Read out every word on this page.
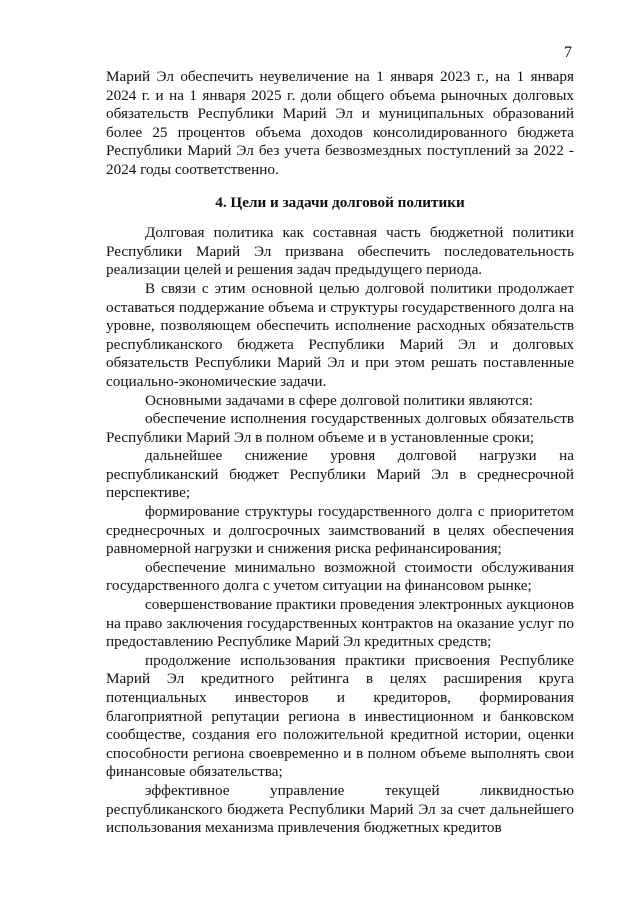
7

Марий Эл обеспечить неувеличение на 1 января 2023 г., на 1 января 2024 г. и на 1 января 2025 г. доли общего объема рыночных долговых обязательств Республики Марий Эл и муниципальных образований более 25 процентов объема доходов консолидированного бюджета Республики Марий Эл без учета безвозмездных поступлений за 2022 - 2024 годы соответственно.

4. Цели и задачи долговой политики

Долговая политика как составная часть бюджетной политики Республики Марий Эл призвана обеспечить последовательность реализации целей и решения задач предыдущего периода.

В связи с этим основной целью долговой политики продолжает оставаться поддержание объема и структуры государственного долга на уровне, позволяющем обеспечить исполнение расходных обязательств республиканского бюджета Республики Марий Эл и долговых обязательств Республики Марий Эл и при этом решать поставленные социально-экономические задачи.

Основными задачами в сфере долговой политики являются:

обеспечение исполнения государственных долговых обязательств Республики Марий Эл в полном объеме и в установленные сроки;

дальнейшее снижение уровня долговой нагрузки на республиканский бюджет Республики Марий Эл в среднесрочной перспективе;

формирование структуры государственного долга с приоритетом среднесрочных и долгосрочных заимствований в целях обеспечения равномерной нагрузки и снижения риска рефинансирования;

обеспечение минимально возможной стоимости обслуживания государственного долга с учетом ситуации на финансовом рынке;

совершенствование практики проведения электронных аукционов на право заключения государственных контрактов на оказание услуг по предоставлению Республике Марий Эл кредитных средств;

продолжение использования практики присвоения Республике Марий Эл кредитного рейтинга в целях расширения круга потенциальных инвесторов и кредиторов, формирования благоприятной репутации региона в инвестиционном и банковском сообществе, создания его положительной кредитной истории, оценки способности региона своевременно и в полном объеме выполнять свои финансовые обязательства;

эффективное управление текущей ликвидностью республиканского бюджета Республики Марий Эл за счет дальнейшего использования механизма привлечения бюджетных кредитов
